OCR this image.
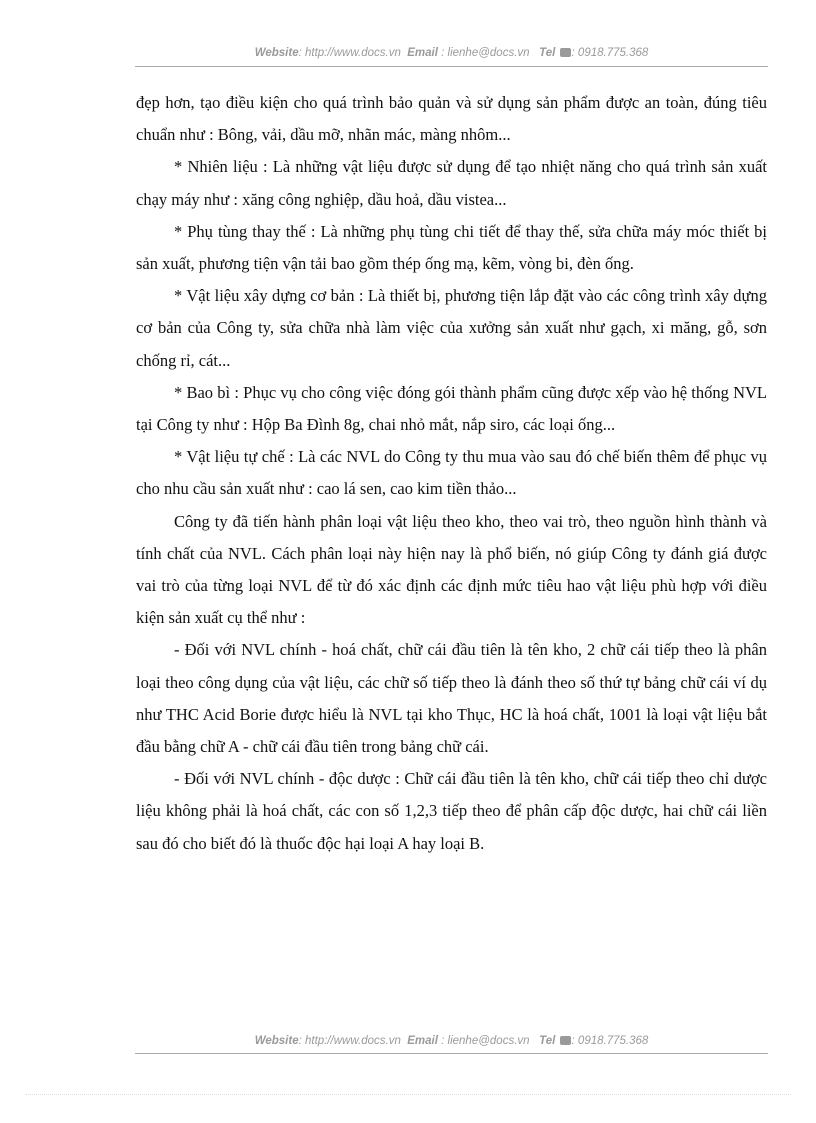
Website: http://www.docs.vn Email : lienhe@docs.vn Tel : 0918.775.368

đẹp hơn, tạo điều kiện cho quá trình bảo quản và sử dụng sản phẩm được an toàn, đúng tiêu chuẩn như : Bông, vải, dầu mỡ, nhãn mác, màng nhôm...

* Nhiên liệu : Là những vật liệu được sử dụng để tạo nhiệt năng cho quá trình sản xuất chạy máy như : xăng công nghiệp, dầu hoả, dầu vistea...

* Phụ tùng thay thế : Là những phụ tùng chi tiết để thay thế, sửa chữa máy móc thiết bị sản xuất, phương tiện vận tải bao gồm thép ống mạ, kẽm, vòng bi, đèn ống.

* Vật liệu xây dựng cơ bản : Là thiết bị, phương tiện lắp đặt vào các công trình xây dựng cơ bản của Công ty, sửa chữa nhà làm việc của xưởng sản xuất như gạch, xi măng, gỗ, sơn chống rỉ, cát...

* Bao bì : Phục vụ cho công việc đóng gói thành phẩm cũng được xếp vào hệ thống NVL tại Công ty như : Hộp Ba Đình 8g, chai nhỏ mắt, nắp siro, các loại ống...

* Vật liệu tự chế : Là các NVL do Công ty thu mua vào sau đó chế biến thêm để phục vụ cho nhu cầu sản xuất như : cao lá sen, cao kim tiền thảo...

Công ty đã tiến hành phân loại vật liệu theo kho, theo vai trò, theo nguồn hình thành và tính chất của NVL. Cách phân loại này hiện nay là phổ biến, nó giúp Công ty đánh giá được vai trò của từng loại NVL để từ đó xác định các định mức tiêu hao vật liệu phù hợp với điều kiện sản xuất cụ thể như :

- Đối với NVL chính - hoá chất, chữ cái đầu tiên là tên kho, 2 chữ cái tiếp theo là phân loại theo công dụng của vật liệu, các chữ số tiếp theo là đánh theo số thứ tự bảng chữ cái ví dụ như THC Acid Borie được hiểu là NVL tại kho Thục, HC là hoá chất, 1001 là loại vật liệu bắt đầu bằng chữ A - chữ cái đầu tiên trong bảng chữ cái.

- Đối với NVL chính - độc dược : Chữ cái đầu tiên là tên kho, chữ cái tiếp theo chỉ dược liệu không phải là hoá chất, các con số 1,2,3 tiếp theo để phân cấp độc dược, hai chữ cái liền sau đó cho biết đó là thuốc độc hại loại A hay loại B.

Website: http://www.docs.vn Email : lienhe@docs.vn Tel : 0918.775.368
